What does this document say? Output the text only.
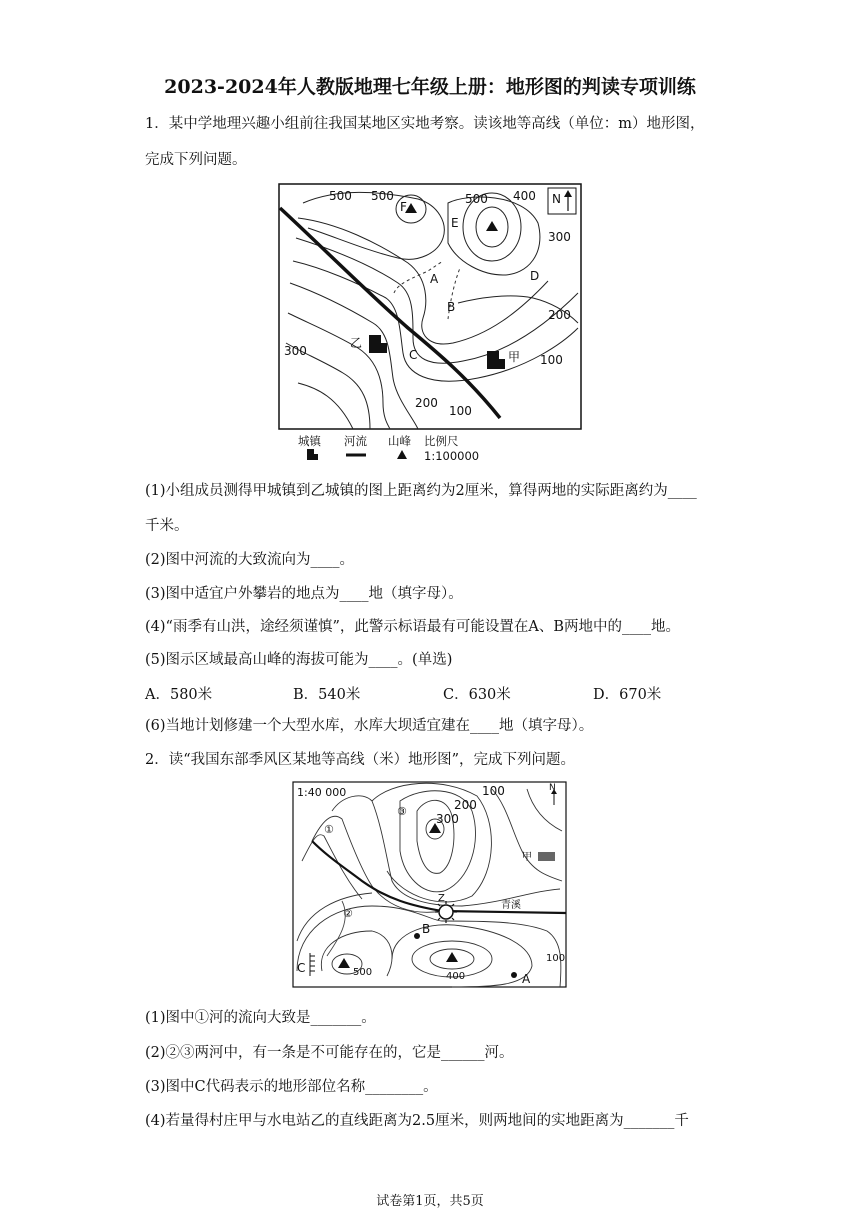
2023-2024年人教版地理七年级上册：地形图的判读专项训练
1．某中学地理兴趣小组前往我国某地区实地考察。读该地等高线（单位：m）地形图，
完成下列问题。
500 500	500 400
300
300
200
200
100
100
F
E
A
B
C
D
乙
甲
N
城镇 河流 山峰 比例尺
1:100000
(1)小组成员测得甲城镇到乙城镇的图上距离约为2厘米，算得两地的实际距离约为____
千米。
(2)图中河流的大致流向为____。
(3)图中适宜户外攀岩的地点为____地（填字母）。
(4)“雨季有山洪，途经须谨慎”，此警示标语最有可能设置在A、B两地中的____地。
(5)图示区域最高山峰的海拔可能为____。(单选)
A．580米	B．540米	C．630米	D．670米
(6)当地计划修建一个大型水库，水库大坝适宜建在____地（填字母）。
2．读“我国东部季风区某地等高线（米）地形图”，完成下列问题。
1:40 000
①
②
③
300
200
100
100
500	400
Z
B
C
A
甲
青溪
N
(1)图中①河的流向大致是_______。
(2)②③两河中，有一条是不可能存在的，它是______河。
(3)图中C代码表示的地形部位名称________。
(4)若量得村庄甲与水电站乙的直线距离为2.5厘米，则两地间的实地距离为_______千
试卷第1页，共5页
